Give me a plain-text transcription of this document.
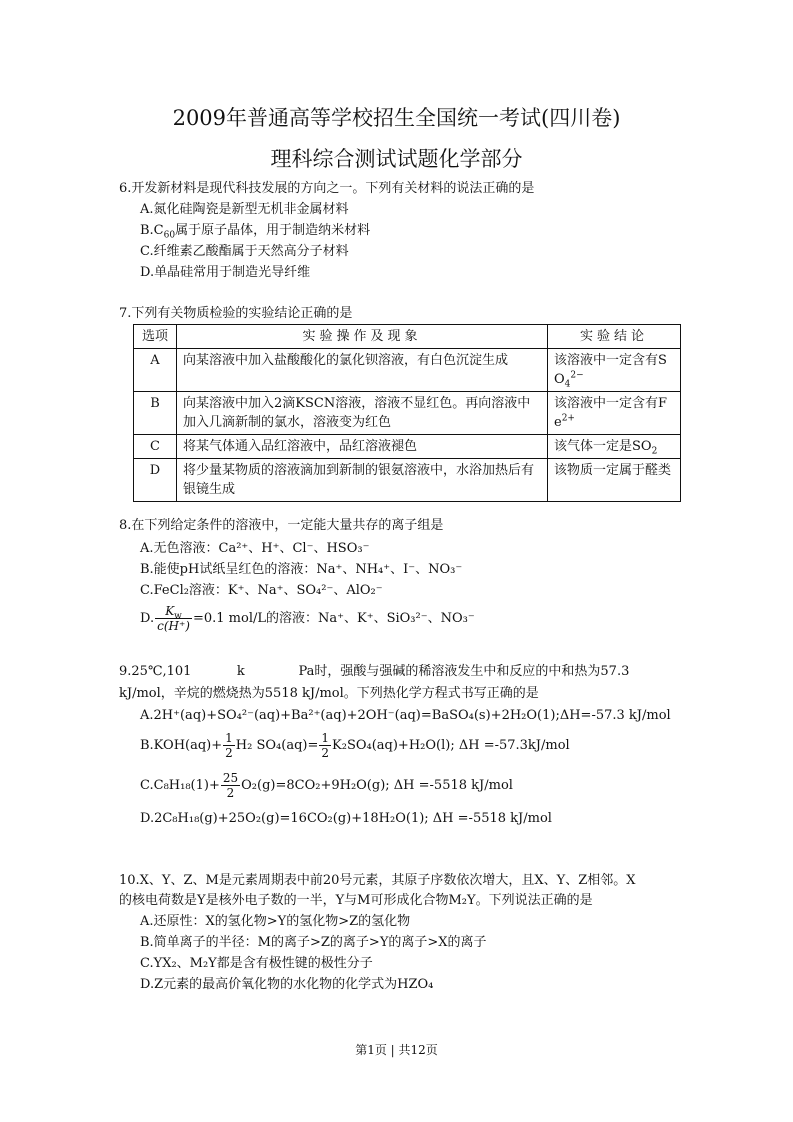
2009年普通高等学校招生全国统一考试(四川卷)
理科综合测试试题化学部分
6.开发新材料是现代科技发展的方向之一。下列有关材料的说法正确的是
A.氮化硅陶瓷是新型无机非金属材料
$B.C_{60}$属于原子晶体，用于制造纳米材料
C.纤维素乙酸酯属于天然高分子材料
D.单晶硅常用于制造光导纤维
7.下列有关物质检验的实验结论正确的是
选项	实验操作及现象	实验结论
A	向某溶液中加入盐酸酸化的氯化钡溶液，有白色沉淀生成	该溶液中一定含有S
$O_4^{2-}$
B	向某溶液中加入2滴KSCN溶液，溶液不显红色。再向溶液中加入几滴新制的氯水，溶液变为红色	该溶液中一定含有F
$e^{2+}$
C	将某气体通入品红溶液中，品红溶液褪色	该气体一定是$SO_2$
D	将少量某物质的溶液滴加到新制的银氨溶液中，水浴加热后有银镜生成	该物质一定属于醛类
8.在下列给定条件的溶液中，一定能大量共存的离子组是
A.无色溶液：Ca²⁺、H⁺、Cl⁻、HSO₃⁻
B.能使pH试纸呈红色的溶液：Na⁺、NH₄⁺、I⁻、NO₃⁻
C.FeCl₂溶液：K⁺、Na⁺、SO₄²⁻、AlO₂⁻
D. $\frac{K_w}{c(H^+)} =0.1$ mol/L的溶液：Na⁺、K⁺、SiO₃²⁻、NO₃⁻
9.25℃,101           k             Pa时，强酸与强碱的稀溶液发生中和反应的中和热为57.3
kJ/mol，辛烷的燃烧热为5518 kJ/mol。下列热化学方程式书写正确的是
A.2H⁺(aq)+SO₄²⁻(aq)+Ba²⁺(aq)+2OH⁻(aq)=BaSO₄(s)+2H₂O(1);ΔH=-57.3 kJ/mol
$B.KOH(aq)+ \frac{1}{2} H_2$ $SO_4(aq)= \frac{1}{2} K_2SO_4(aq)+H_2O(l)$; ΔH =-57.3kJ/mol
$C.C_8H_{18}(1)+ \frac{25}{2} O_2(g)=8CO_2+9H_2O(g)$; ΔH =-5518 kJ/mol
D.2C₈H₁₈(g)+25O₂(g)=16CO₂(g)+18H₂O(1); ΔH =-5518 kJ/mol
10.X、Y、Z、M是元素周期表中前20号元素，其原子序数依次增大，且X、Y、Z相邻。X
的核电荷数是Y是核外电子数的一半，Y与M可形成化合物M₂Y。下列说法正确的是
A.还原性：X的氢化物>Y的氢化物>Z的氢化物
B.简单离子的半径：M的离子>Z的离子>Y的离子>X的离子
C.YX₂、M₂Y都是含有极性键的极性分子
D.Z元素的最高价氧化物的水化物的化学式为HZO₄
第1页 | 共12页
